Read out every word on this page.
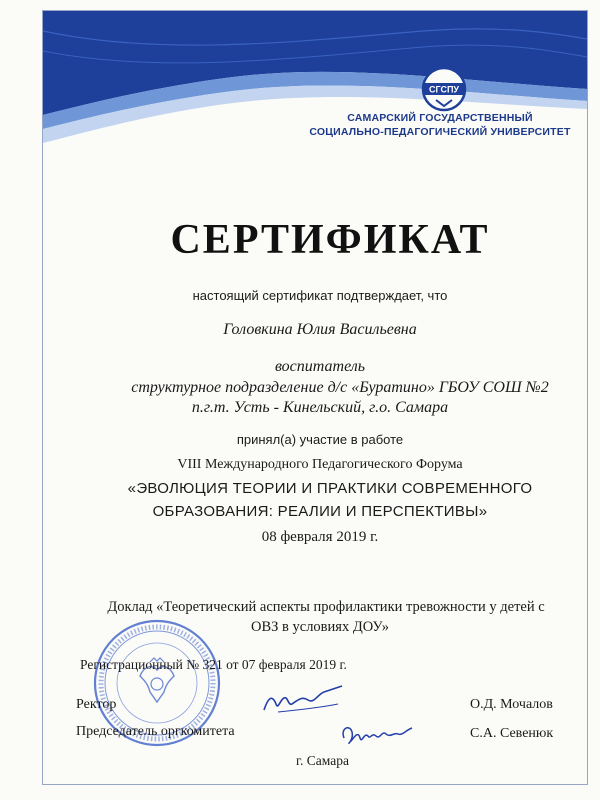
СГСПУ
САМАРСКИЙ ГОСУДАРСТВЕННЫЙ
СОЦИАЛЬНО-ПЕДАГОГИЧЕСКИЙ УНИВЕРСИТЕТ
СЕРТИФИКАТ
настоящий сертификат подтверждает, что
Головкина Юлия Васильевна
воспитатель
структурное подразделение д/с «Буратино» ГБОУ СОШ №2
п.г.т. Усть - Кинельский, г.о. Самара
принял(а) участие в работе
VIII Международного Педагогического Форума
«ЭВОЛЮЦИЯ ТЕОРИИ И ПРАКТИКИ СОВРЕМЕННОГО
ОБРАЗОВАНИЯ: РЕАЛИИ И ПЕРСПЕКТИВЫ»
08 февраля 2019 г.
Доклад «Теоретический аспекты профилактики тревожности у детей с
ОВЗ в условиях ДОУ»
Регистрационный № 321 от 07 февраля 2019 г.
Ректор	О.Д. Мочалов
Председатель оргкомитета	С.А. Севенюк
г. Самара
